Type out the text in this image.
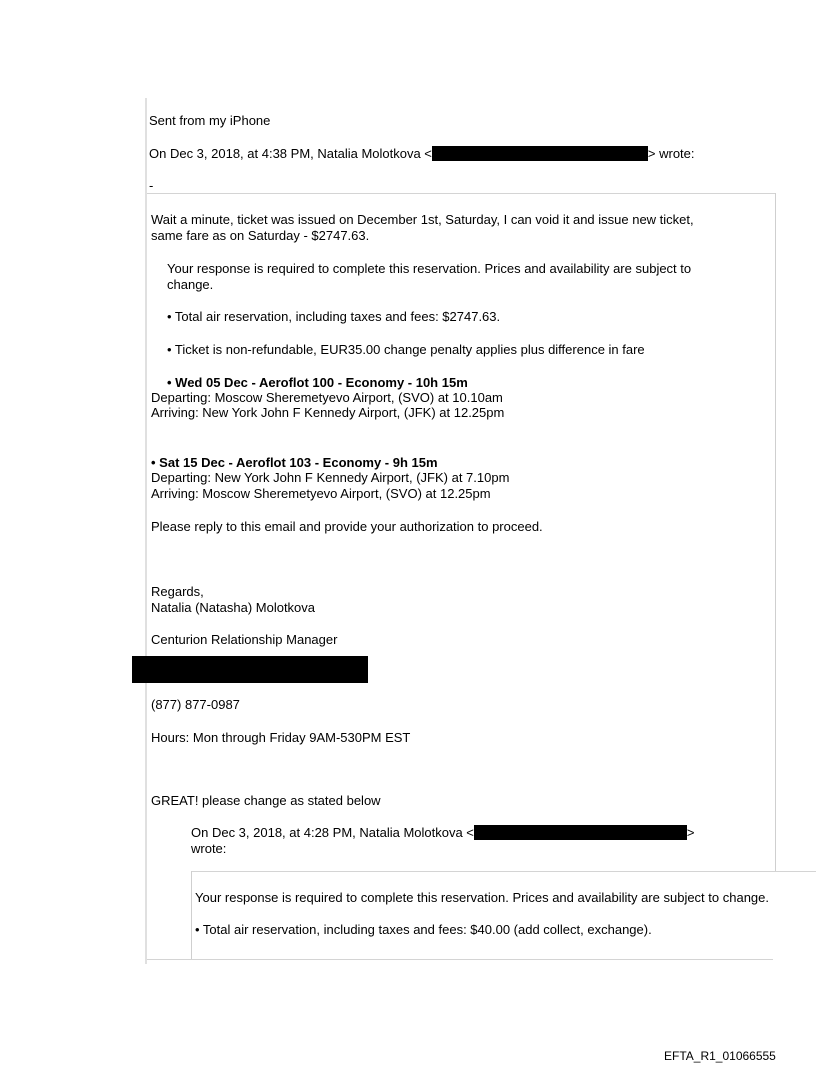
Sent from my iPhone
On Dec 3, 2018, at 4:38 PM, Natalia Molotkova <	> wrote:
-
Wait a minute, ticket was issued on December 1st, Saturday, I can void it and issue new ticket,
same fare as on Saturday - $2747.63.
Your response is required to complete this reservation. Prices and availability are subject to
change.
• Total air reservation, including taxes and fees: $2747.63.
• Ticket is non-refundable, EUR35.00 change penalty applies plus difference in fare
• Wed 05 Dec - Aeroflot 100 - Economy - 10h 15m
Departing: Moscow Sheremetyevo Airport, (SVO) at 10.10am
Arriving: New York John F Kennedy Airport, (JFK) at 12.25pm
• Sat 15 Dec - Aeroflot 103 - Economy - 9h 15m
Departing: New York John F Kennedy Airport, (JFK) at 7.10pm
Arriving: Moscow Sheremetyevo Airport, (SVO) at 12.25pm
Please reply to this email and provide your authorization to proceed.
Regards,
Natalia (Natasha) Molotkova
Centurion Relationship Manager
(877) 877-0987
Hours: Mon through Friday 9AM-530PM EST
GREAT! please change as stated below
On Dec 3, 2018, at 4:28 PM, Natalia Molotkova <	>
wrote:
Your response is required to complete this reservation. Prices and availability are subject to change.
• Total air reservation, including taxes and fees: $40.00 (add collect, exchange).
EFTA_R1_01066555
